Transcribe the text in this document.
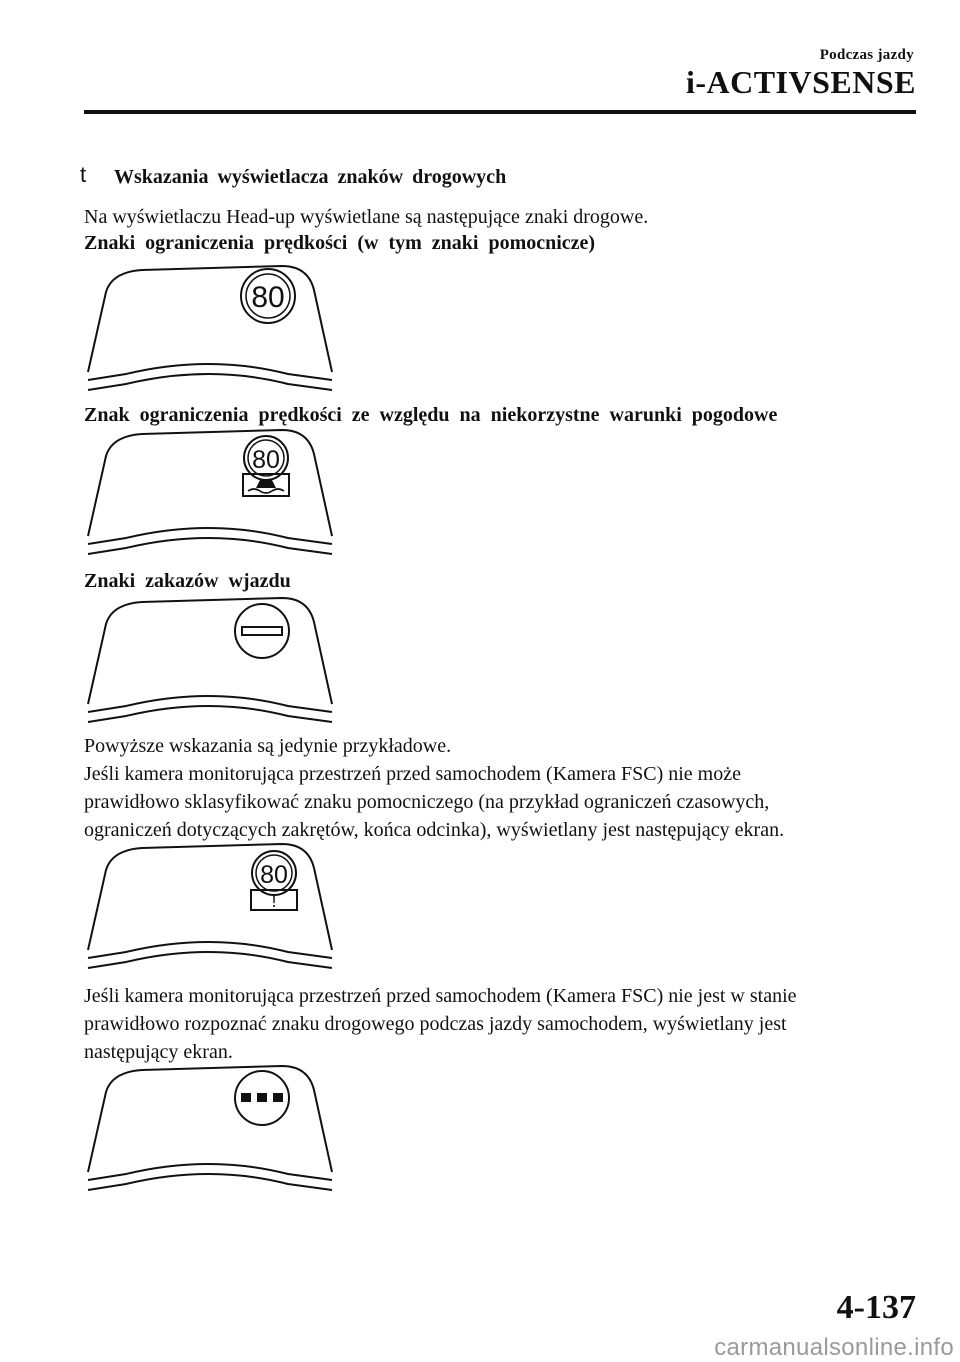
Podczas jazdy
i-ACTIVSENSE
t Wskazania wyświetlacza znaków drogowych
Na wyświetlaczu Head-up wyświetlane są następujące znaki drogowe.
Znaki ograniczenia prędkości (w tym znaki pomocnicze)
80
Znak ograniczenia prędkości ze względu na niekorzystne warunki pogodowe
80
Znaki zakazów wjazdu
Powyższe wskazania są jedynie przykładowe.
Jeśli kamera monitorująca przestrzeń przed samochodem (Kamera FSC) nie może
prawidłowo sklasyfikować znaku pomocniczego (na przykład ograniczeń czasowych,
ograniczeń dotyczących zakrętów, końca odcinka), wyświetlany jest następujący ekran.
80
!
Jeśli kamera monitorująca przestrzeń przed samochodem (Kamera FSC) nie jest w stanie
prawidłowo rozpoznać znaku drogowego podczas jazdy samochodem, wyświetlany jest
następujący ekran.
4-137
carmanualsonline.info
